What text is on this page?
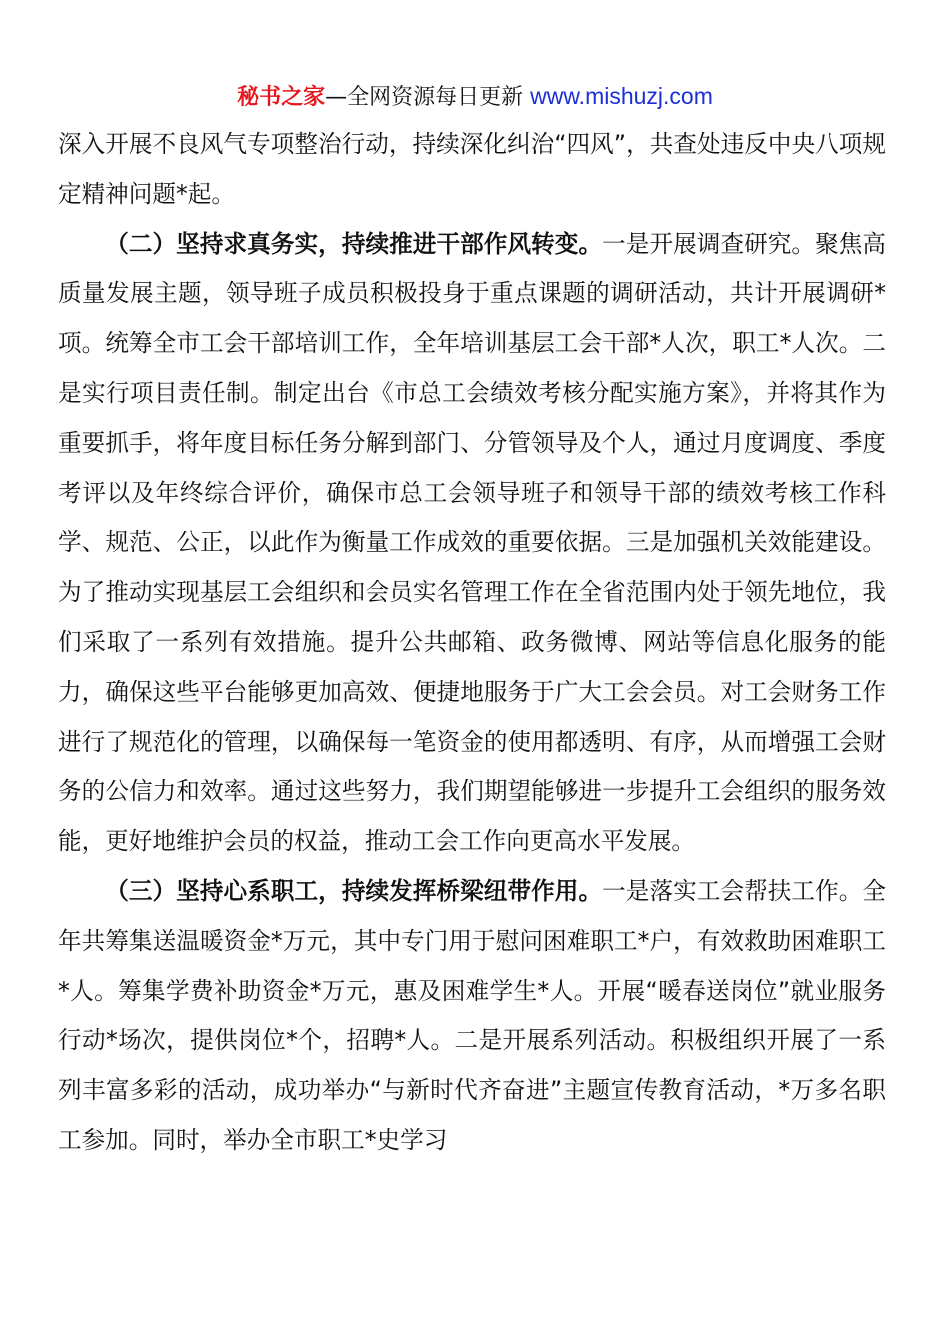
秘书之家—全网资源每日更新 www.mishuzj.com

深入开展不良风气专项整治行动，持续深化纠治“四风”，共查处违反中央八项规定精神问题*起。

（二）坚持求真务实，持续推进干部作风转变。一是开展调查研究。聚焦高质量发展主题，领导班子成员积极投身于重点课题的调研活动，共计开展调研*项。统筹全市工会干部培训工作，全年培训基层工会干部*人次，职工*人次。二是实行项目责任制。制定出台《市总工会绩效考核分配实施方案》，并将其作为重要抓手，将年度目标任务分解到部门、分管领导及个人，通过月度调度、季度考评以及年终综合评价，确保市总工会领导班子和领导干部的绩效考核工作科学、规范、公正，以此作为衡量工作成效的重要依据。三是加强机关效能建设。为了推动实现基层工会组织和会员实名管理工作在全省范围内处于领先地位，我们采取了一系列有效措施。提升公共邮箱、政务微博、网站等信息化服务的能力，确保这些平台能够更加高效、便捷地服务于广大工会会员。对工会财务工作进行了规范化的管理，以确保每一笔资金的使用都透明、有序，从而增强工会财务的公信力和效率。通过这些努力，我们期望能够进一步提升工会组织的服务效能，更好地维护会员的权益，推动工会工作向更高水平发展。

（三）坚持心系职工，持续发挥桥梁纽带作用。一是落实工会帮扶工作。全年共筹集送温暖资金*万元，其中专门用于慰问困难职工*户，有效救助困难职工*人。筹集学费补助资金*万元，惠及困难学生*人。开展“暖春送岗位”就业服务行动*场次，提供岗位*个，招聘*人。二是开展系列活动。积极组织开展了一系列丰富多彩的活动，成功举办“与新时代齐奋进”主题宣传教育活动，*万多名职工参加。同时，举办全市职工*史学习
